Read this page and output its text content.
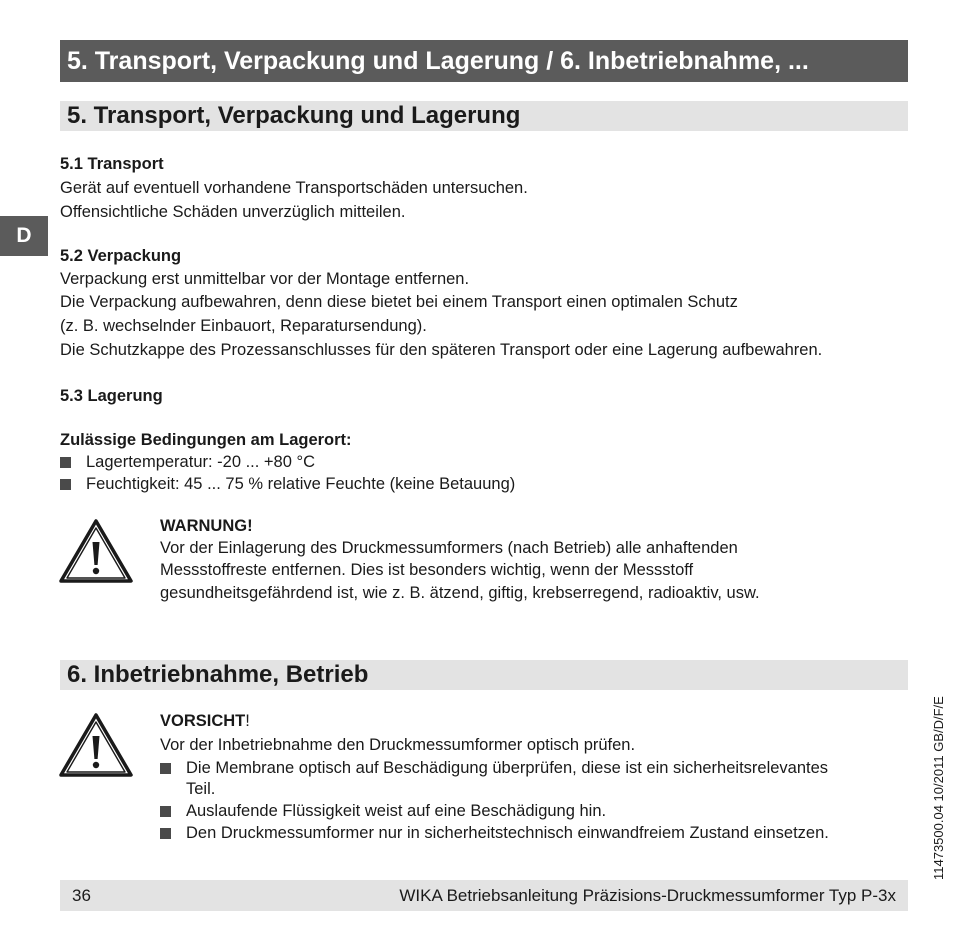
5. Transport, Verpackung und Lagerung / 6. Inbetriebnahme, ...
D
5. Transport, Verpackung und Lagerung
5.1 Transport
Gerät auf eventuell vorhandene Transportschäden untersuchen.
Offensichtliche Schäden unverzüglich mitteilen.
5.2 Verpackung
Verpackung erst unmittelbar vor der Montage entfernen.
Die Verpackung aufbewahren, denn diese bietet bei einem Transport einen optimalen Schutz
(z. B. wechselnder Einbauort, Reparatursendung).
Die Schutzkappe des Prozessanschlusses für den späteren Transport oder eine Lagerung aufbewahren.
5.3 Lagerung
Zulässige Bedingungen am Lagerort:
Lagertemperatur: -20 ... +80 °C
Feuchtigkeit: 45 ... 75 % relative Feuchte (keine Betauung)
WARNUNG!
Vor der Einlagerung des Druckmessumformers (nach Betrieb) alle anhaftenden
Messstoffreste entfernen. Dies ist besonders wichtig, wenn der Messstoff
gesundheitsgefährdend ist, wie z. B. ätzend, giftig, krebserregend, radioaktiv, usw.
6. Inbetriebnahme, Betrieb
VORSICHT!
Vor der Inbetriebnahme den Druckmessumformer optisch prüfen.
Die Membrane optisch auf Beschädigung überprüfen, diese ist ein sicherheitsrelevantes
Teil.
Auslaufende Flüssigkeit weist auf eine Beschädigung hin.
Den Druckmessumformer nur in sicherheitstechnisch einwandfreiem Zustand einsetzen.
36	WIKA Betriebsanleitung Präzisions-Druckmessumformer Typ P-3x
11473500.04 10/2011 GB/D/F/E
